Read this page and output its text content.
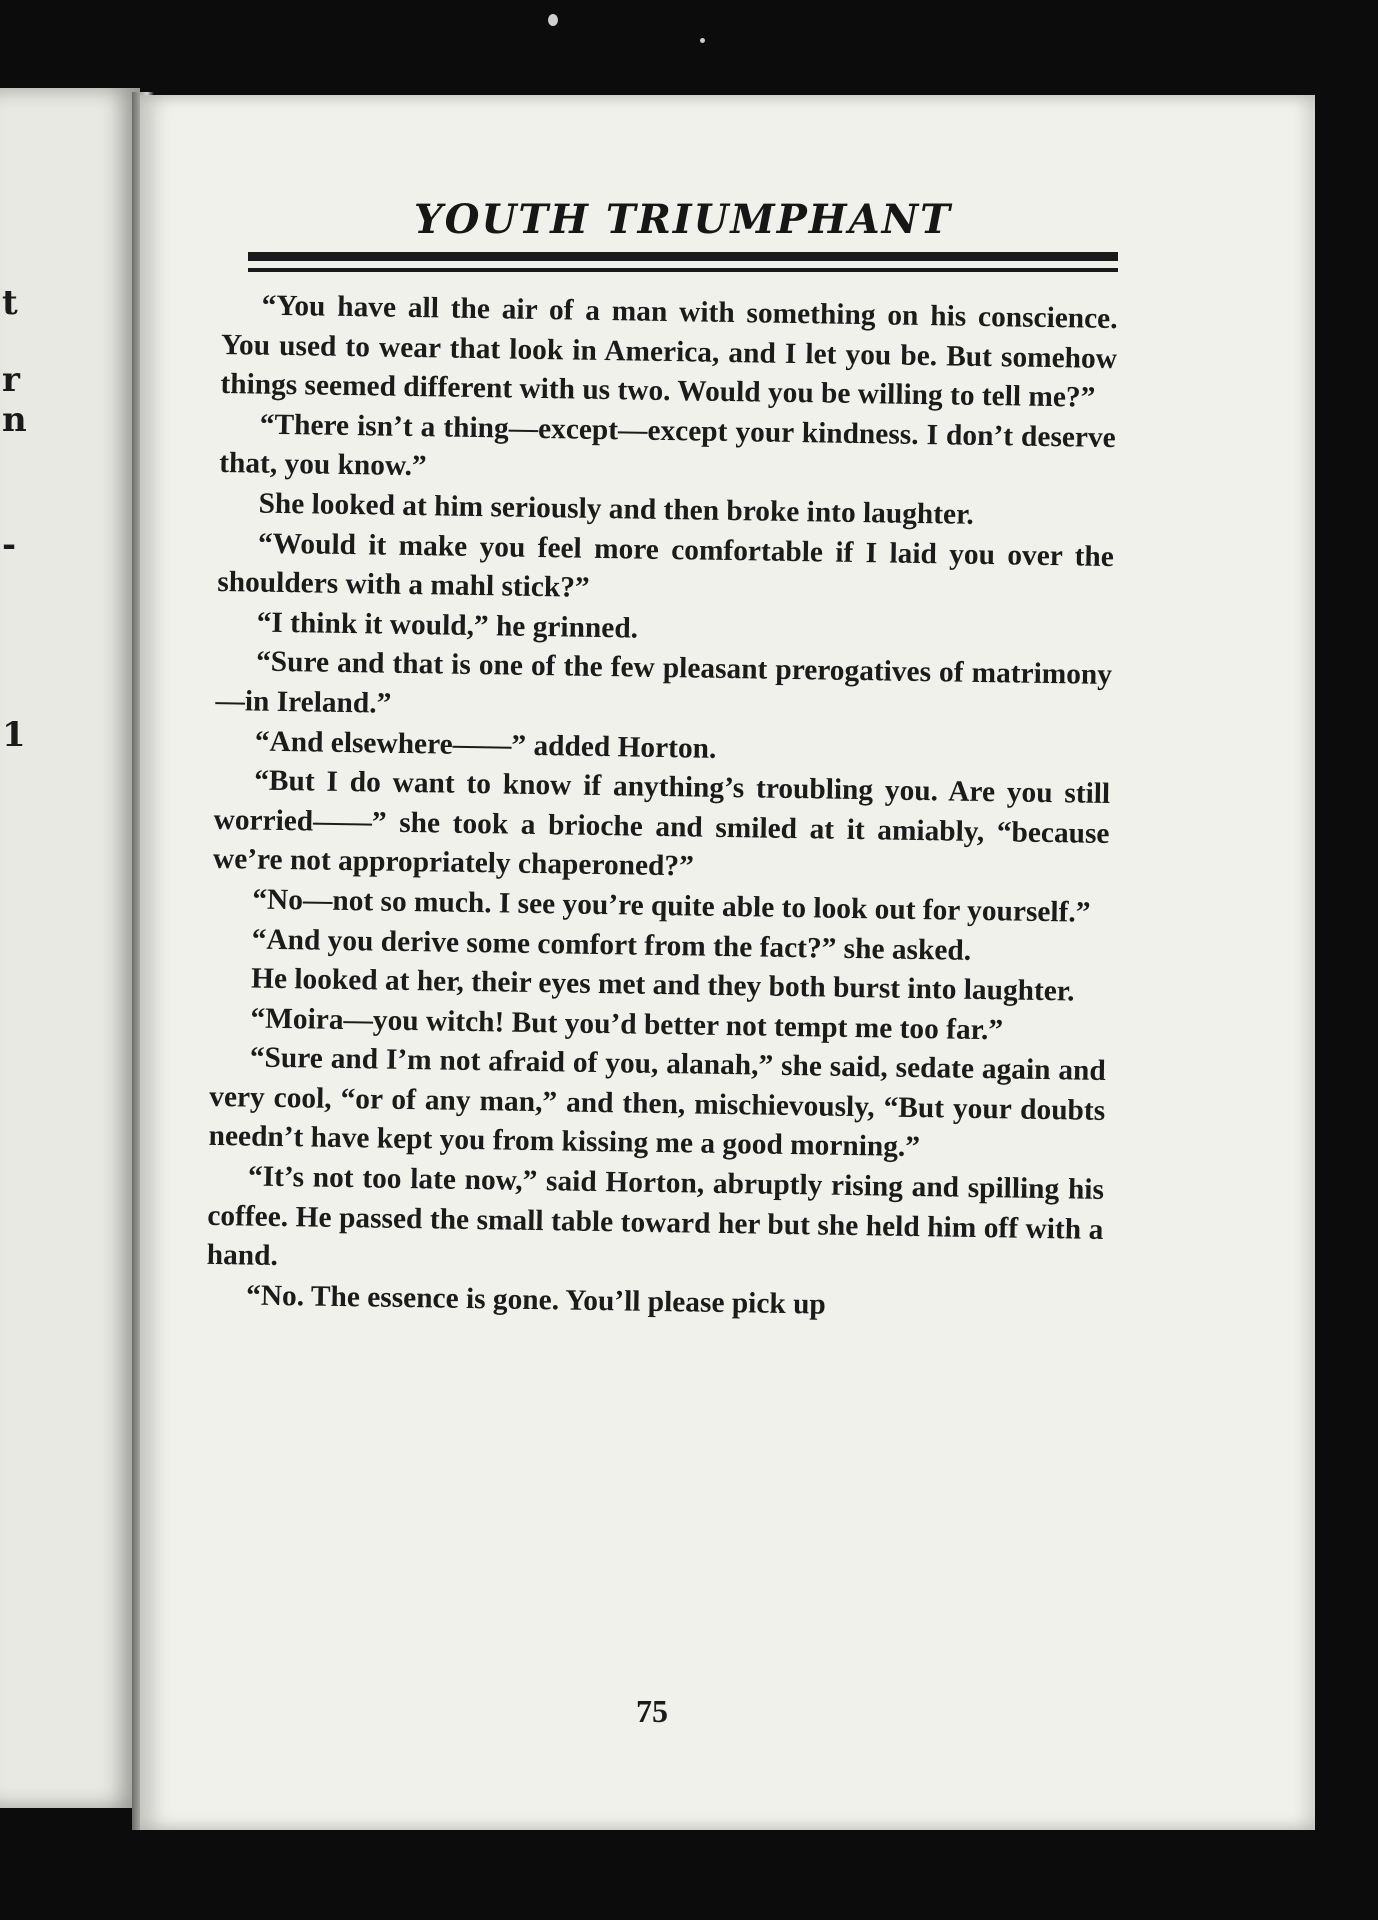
t
r
n
-
1
YOUTH TRIUMPHANT

“You have all the air of a man with something on his conscience. You used to wear that look in America, and I let you be. But somehow things seemed different with us two. Would you be willing to tell me?”

“There isn’t a thing—except—except your kindness. I don’t deserve that, you know.”

She looked at him seriously and then broke into laughter.

“Would it make you feel more comfortable if I laid you over the shoulders with a mahl stick?”

“I think it would,” he grinned.

“Sure and that is one of the few pleasant prerogatives of matrimony—in Ireland.”

“And elsewhere——” added Horton.

“But I do want to know if anything’s troubling you. Are you still worried——” she took a brioche and smiled at it amiably, “because we’re not appropriately chaperoned?”

“No—not so much. I see you’re quite able to look out for yourself.”

“And you derive some comfort from the fact?” she asked.

He looked at her, their eyes met and they both burst into laughter.

“Moira—you witch! But you’d better not tempt me too far.”

“Sure and I’m not afraid of you, alanah,” she said, sedate again and very cool, “or of any man,” and then, mischievously, “But your doubts needn’t have kept you from kissing me a good morning.”

“It’s not too late now,” said Horton, abruptly rising and spilling his coffee. He passed the small table toward her but she held him off with a hand.

“No. The essence is gone. You’ll please pick up

75
